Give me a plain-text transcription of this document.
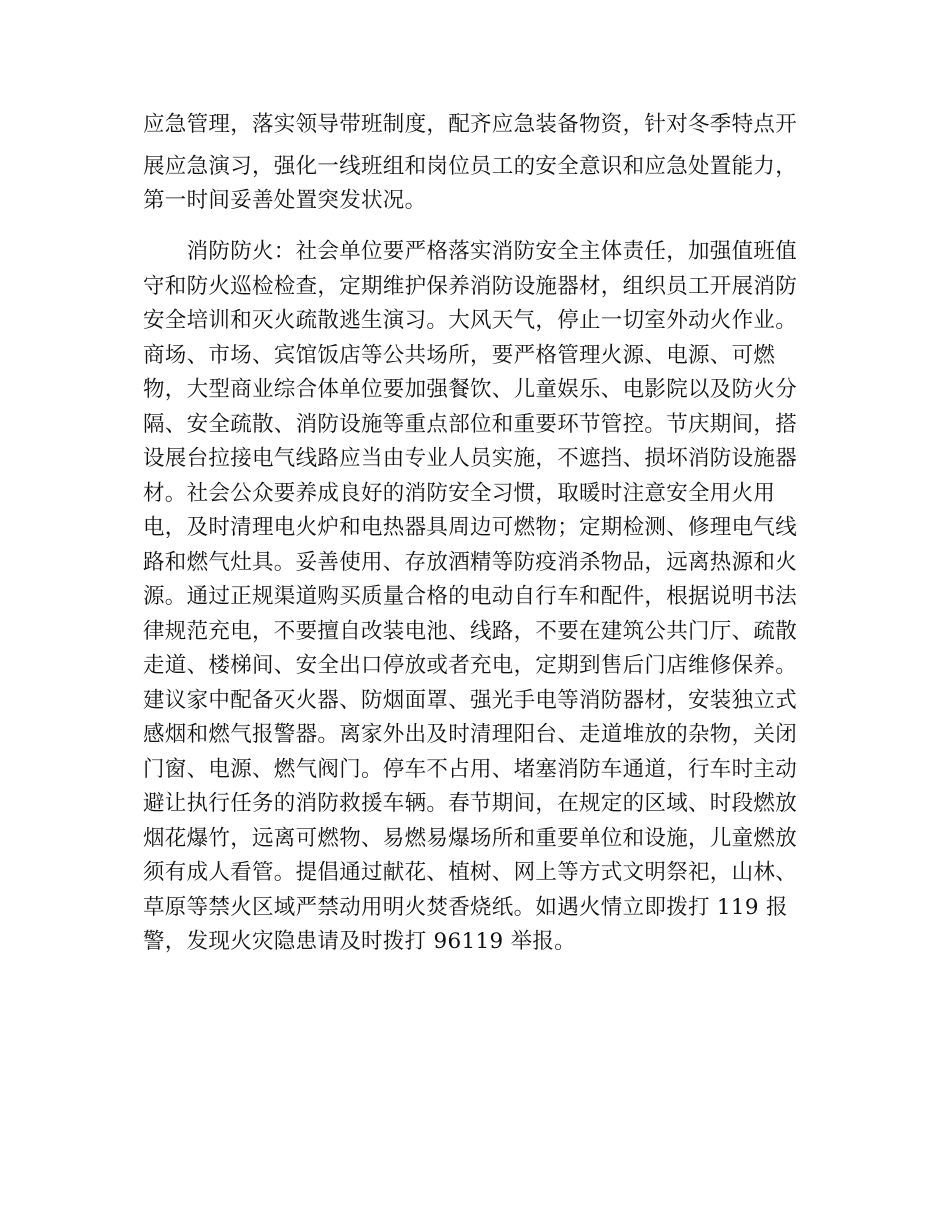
应急管理，落实领导带班制度，配齐应急装备物资，针对冬季特点开
展应急演习，强化一线班组和岗位员工的安全意识和应急处置能力，
第一时间妥善处置突发状况。
　　消防防火：社会单位要严格落实消防安全主体责任，加强值班值
守和防火巡检检查，定期维护保养消防设施器材，组织员工开展消防
安全培训和灭火疏散逃生演习。大风天气，停止一切室外动火作业。
商场、市场、宾馆饭店等公共场所，要严格管理火源、电源、可燃
物，大型商业综合体单位要加强餐饮、儿童娱乐、电影院以及防火分
隔、安全疏散、消防设施等重点部位和重要环节管控。节庆期间，搭
设展台拉接电气线路应当由专业人员实施，不遮挡、损坏消防设施器
材。社会公众要养成良好的消防安全习惯，取暖时注意安全用火用
电，及时清理电火炉和电热器具周边可燃物；定期检测、修理电气线
路和燃气灶具。妥善使用、存放酒精等防疫消杀物品，远离热源和火
源。通过正规渠道购买质量合格的电动自行车和配件，根据说明书法
律规范充电，不要擅自改装电池、线路，不要在建筑公共门厅、疏散
走道、楼梯间、安全出口停放或者充电，定期到售后门店维修保养。
建议家中配备灭火器、防烟面罩、强光手电等消防器材，安装独立式
感烟和燃气报警器。离家外出及时清理阳台、走道堆放的杂物，关闭
门窗、电源、燃气阀门。停车不占用、堵塞消防车通道，行车时主动
避让执行任务的消防救援车辆。春节期间，在规定的区域、时段燃放
烟花爆竹，远离可燃物、易燃易爆场所和重要单位和设施，儿童燃放
须有成人看管。提倡通过献花、植树、网上等方式文明祭祀，山林、
草原等禁火区域严禁动用明火焚香烧纸。如遇火情立即拨打 119 报
警，发现火灾隐患请及时拨打 96119 举报。
